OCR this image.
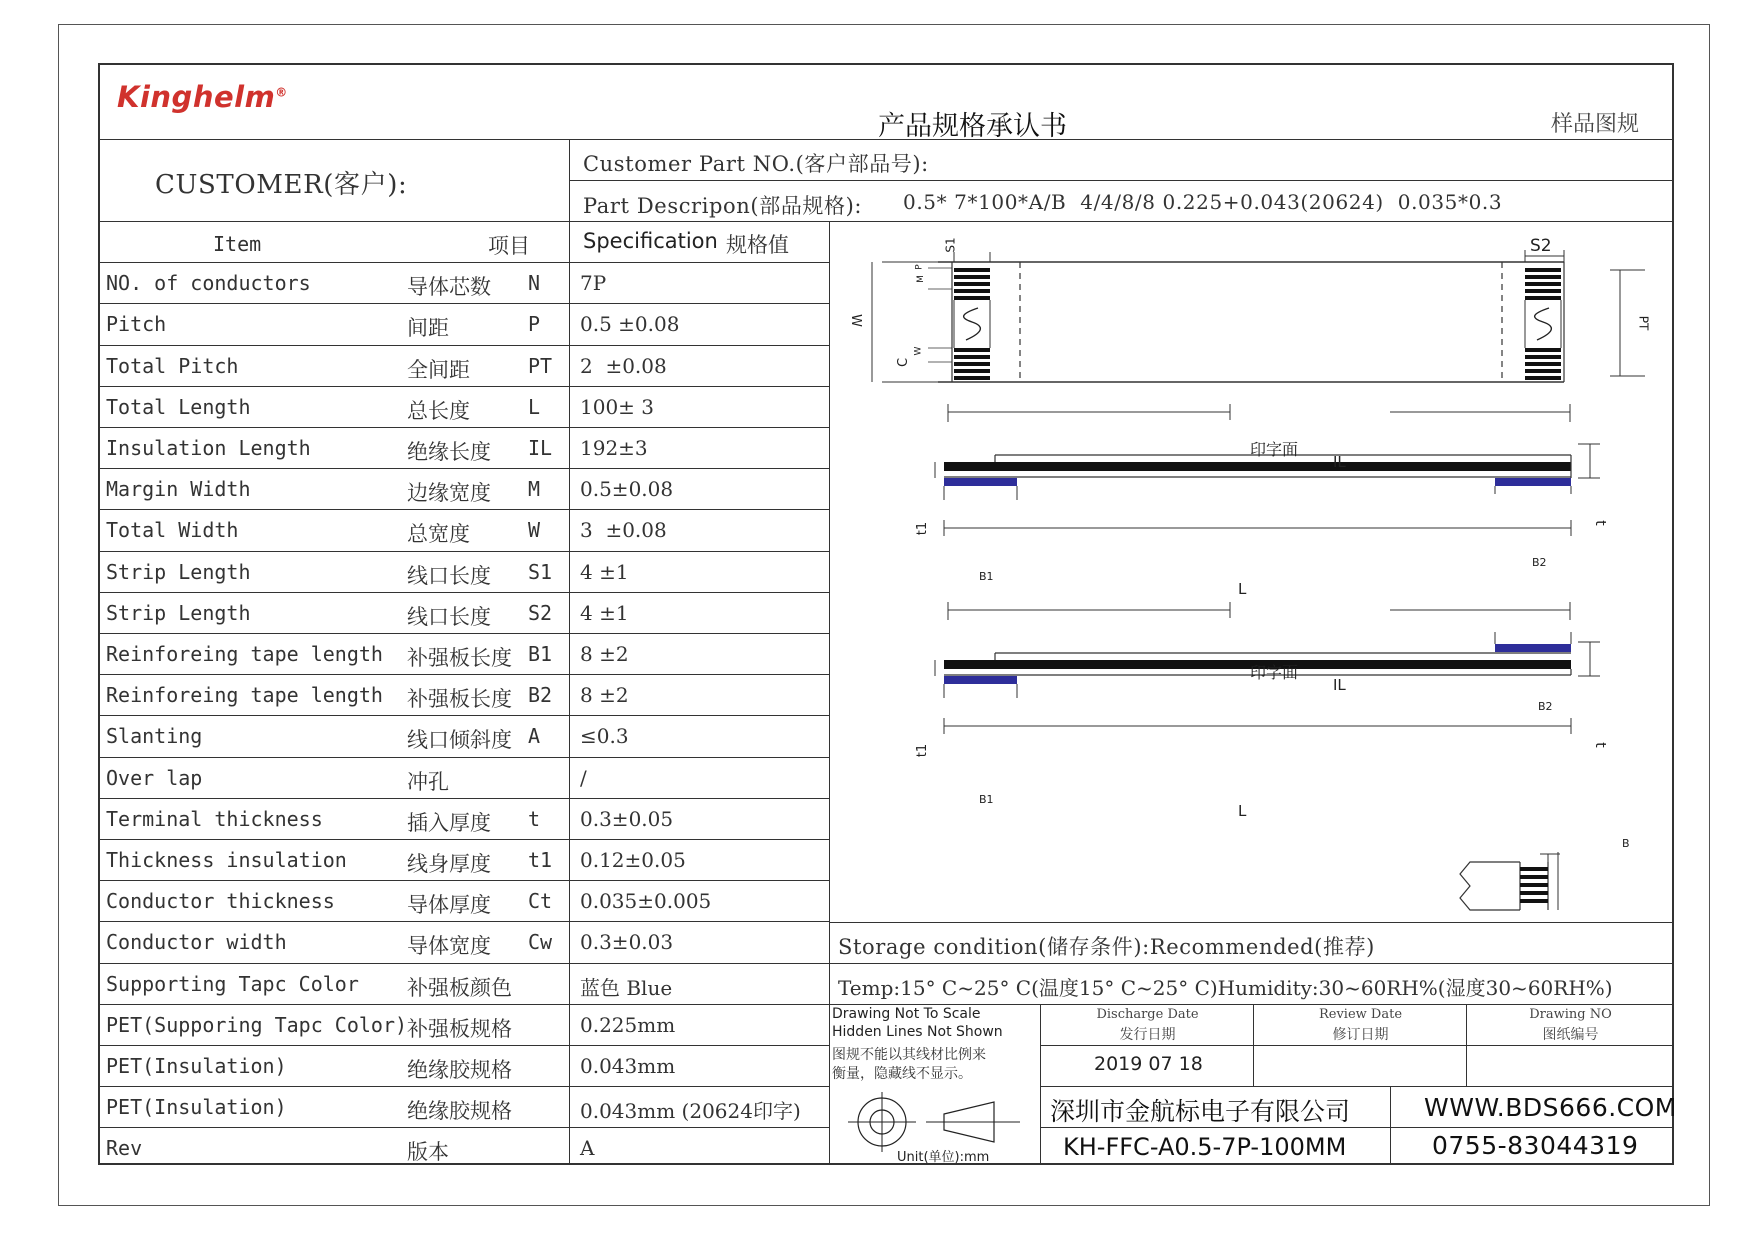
Kinghelm®
产品规格承认书	样品图规
CUSTOMER(客户):
Customer Part NO.(客户部品号):
Part Descripon(部品规格): 0.5* 7*100*A/B  4/4/8/8 0.225+0.043(20624)  0.035*0.3
Item	项目	Specification 规格值
NO. of conductors	导体芯数 N 7P
Pitch	间距	P 0.5 ±0.08
Total Pitch	全间距	PT 2  ±0.08
Total Length	总长度	L 100± 3
Insulation Length	绝缘长度 IL 192±3
Margin Width	边缘宽度 M 0.5±0.08
Total Width	总宽度	W 3  ±0.08
Strip Length	线口长度 S1 4 ±1
Strip Length	线口长度 S2 4 ±1
Reinforeing tape length 补强板长度 B1 8 ±2
Reinforeing tape length 补强板长度 B2 8 ±2
Slanting	线口倾斜度 A ≤0.3
Over lap	冲孔	/
Terminal thickness	插入厚度 t 0.3±0.05
Thickness insulation	线身厚度 t1 0.12±0.05
Conductor thickness	导体厚度 Ct 0.035±0.005
Conductor width	导体宽度 Cw 0.3±0.03
Supporting Tapc Color 补强板颜色	蓝色 Blue
PET(Supporing Tapc Color) 补强板规格	0.225mm
PET(Insulation)	绝缘胶规格	0.043mm
PET(Insulation)	绝缘胶规格	0.043mm (20624印字)
Rev	版本	A
S2
S1
W	PT
P
M
C
W
印字面
IL
t
t1
B1
B2
L
印字面
IL
t
t1
B1
B2
L
B
Storage condition(储存条件):Recommended(推荐)
Temp:15° C~25° C(温度15° C~25° C)Humidity:30~60RH%(湿度30~60RH%)
Drawing Not To Scale
Hidden Lines Not Shown
图规不能以其线材比例来
衡量，隐藏线不显示。
Unit(单位):mm
Discharge Date
发行日期
Review Date
修订日期
Drawing NO
图纸编号
2019 07 18
深圳市金航标电子有限公司	WWW.BDS666.COM
KH-FFC-A0.5-7P-100MM	0755-83044319
